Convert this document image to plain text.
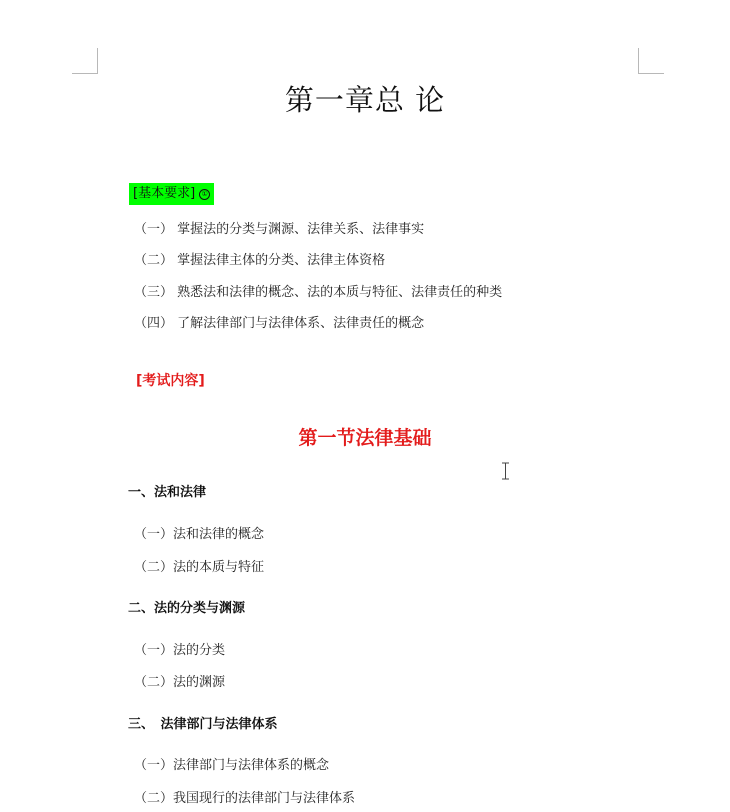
第一章总 论
[基本要求] ①
（一） 掌握法的分类与渊源、法律关系、法律事实
（二） 掌握法律主体的分类、法律主体资格
（三） 熟悉法和法律的概念、法的本质与特征、法律责任的种类
（四） 了解法律部门与法律体系、法律责任的概念
[考试内容]
第一节法律基础
一、法和法律
（一）法和法律的概念
（二）法的本质与特征
二、法的分类与渊源
（一）法的分类
（二）法的渊源
三、　法律部门与法律体系
（一）法律部门与法律体系的概念
（二）我国现行的法律部门与法律体系
